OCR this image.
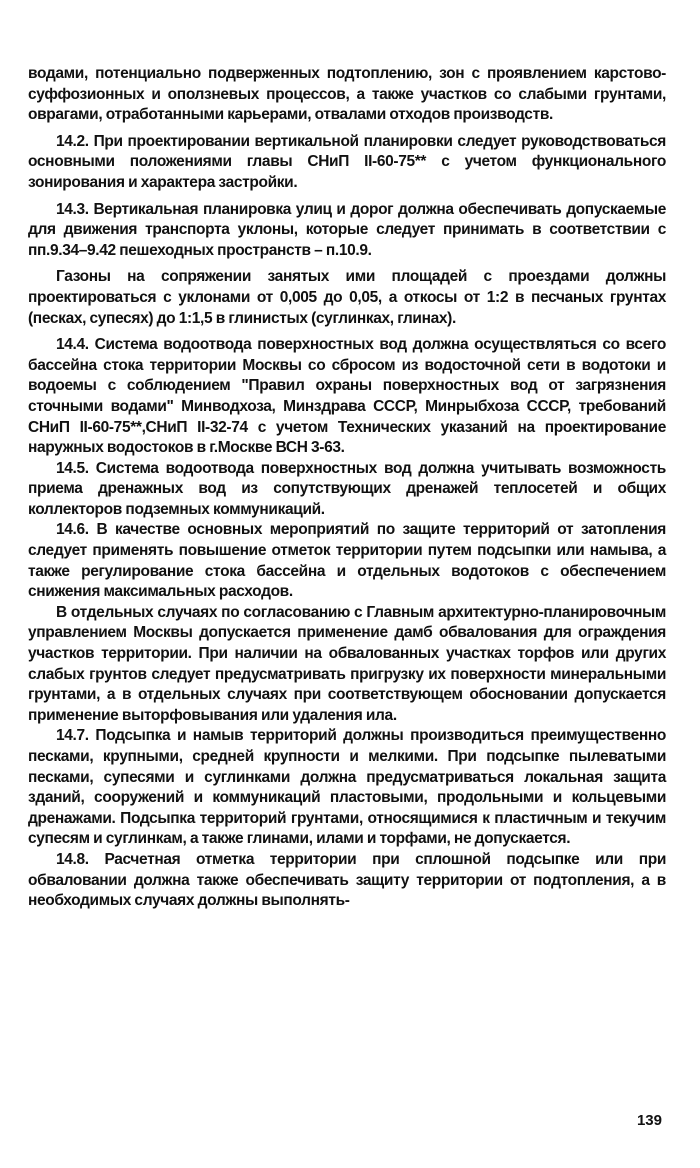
водами, потенциально подверженных подтоплению, зон с проявлением карстово-суффозионных и оползневых процессов, а также участков со слабыми грунтами, оврагами, отработанными карьерами, отвалами отходов производств.

14.2. При проектировании вертикальной планировки следует руководствоваться основными положениями главы СНиП II-60-75** с учетом функционального зонирования и характера застройки.

14.3. Вертикальная планировка улиц и дорог должна обеспечивать допускаемые для движения транспорта уклоны, которые следует принимать в соответствии с пп.9.34–9.42 пешеходных пространств – п.10.9.

Газоны на сопряжении занятых ими площадей с проездами должны проектироваться с уклонами от 0,005 до 0,05, а откосы от 1:2 в песчаных грунтах (песках, супесях) до 1:1,5 в глинистых (суглинках, глинах).

14.4. Система водоотвода поверхностных вод должна осуществляться со всего бассейна стока территории Москвы со сбросом из водосточной сети в водотоки и водоемы с соблюдением "Правил охраны поверхностных вод от загрязнения сточными водами" Минводхоза, Минздрава СССР, Минрыбхоза СССР, требований СНиП II-60-75**,СНиП II-32-74 с учетом Технических указаний на проектирование наружных водостоков в г.Москве ВСН 3-63.

14.5. Система водоотвода поверхностных вод должна учитывать возможность приема дренажных вод из сопутствующих дренажей теплосетей и общих коллекторов подземных коммуникаций.

14.6. В качестве основных мероприятий по защите территорий от затопления следует применять повышение отметок территории путем подсыпки или намыва, а также регулирование стока бассейна и отдельных водотоков с обеспечением снижения максимальных расходов.

В отдельных случаях по согласованию с Главным архитектурно-планировочным управлением Москвы допускается применение дамб обвалования для ограждения участков территории. При наличии на обвалованных участках торфов или других слабых грунтов следует предусматривать пригрузку их поверхности минеральными грунтами, а в отдельных случаях при соответствующем обосновании допускается применение выторфовывания или удаления ила.

14.7. Подсыпка и намыв территорий должны производиться преимущественно песками, крупными, средней крупности и мелкими. При подсыпке пылеватыми песками, супесями и суглинками должна предусматриваться локальная защита зданий, сооружений и коммуникаций пластовыми, продольными и кольцевыми дренажами. Подсыпка территорий грунтами, относящимися к пластичным и текучим супесям и суглинкам, а также глинами, илами и торфами, не допускается.

14.8. Расчетная отметка территории при сплошной подсыпке или при обваловании должна также обеспечивать защиту территории от подтопления, а в необходимых случаях должны выполнять-

139
